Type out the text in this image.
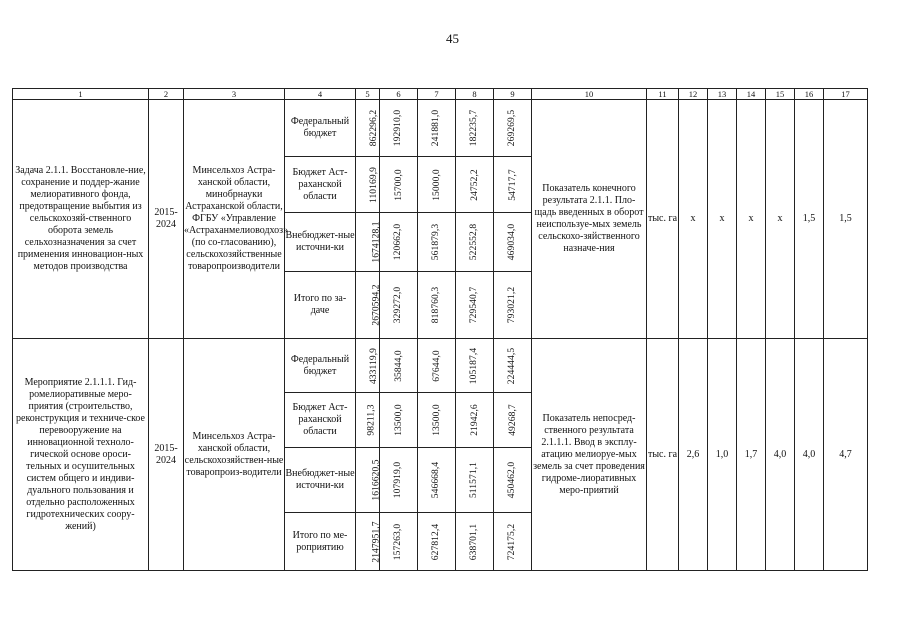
45
1	2	3	4	5	6	7	8	9	10	11	12	13	14	15	16	17
Задача 2.1.1. Восстановле-ние, сохранение и поддер-жание мелиоративного фонда, предотвращение выбытия из сельскохозяй-ственного оборота земель сельхозназначения за счет применения инновацион-ных методов производства	2015-2024	Минсельхоз Астра-ханской области, минобрнауки Астраханской области, ФГБУ «Управление «Астраханмелиоводхоз» (по со-гласованию), сельскохозяйственные товаропроизводители	Федеральный бюджет	862296,2	192910,0	241881,0	182235,7	269269,5	Показатель конечного результата 2.1.1. Пло-щадь введенных в оборот неиспользуе-мых земель сельскохо-зяйственного назначе-ния	тыс. га	х	х	х	х	1,5	1,5
			Бюджет Аст-раханской области	110169,9	15700,0	15000,0	24752,2	54717,7								
			Внебюджет-ные источни-ки	1674128,1	120662,0	561879,3	522552,8	469034,0								
			Итого по за-даче	2670594,2	329272,0	818760,3	729540,7	793021,2								
Мероприятие 2.1.1.1. Гид-ромелиоративные меро-приятия (строительство, реконструкция и техниче-ское перевооружение на инновационной техноло-гической основе ороси-тельных и осушительных систем общего и индиви-дуального пользования и отдельно расположенных гидротехнических соору-жений)	2015-2024	Минсельхоз Астра-ханской области, сельскохозяйствен-ные товаропроиз-водители	Федеральный бюджет	433119,9	35844,0	67644,0	105187,4	224444,5	Показатель непосред-ственного результата 2.1.1.1. Ввод в эксплу-атацию мелиоруе-мых земель за счет проведения гидроме-лиоративных меро-приятий	тыс. га	2,6	1,0	1,7	4,0	4,0	4,7
			Бюджет Аст-раханской области	98211,3	13500,0	13500,0	21942,6	49268,7								
			Внебюджет-ные источни-ки	1616620,5	107919,0	546668,4	511571,1	450462,0								
			Итого по ме-роприятию	2147951,7	157263,0	627812,4	638701,1	724175,2								
